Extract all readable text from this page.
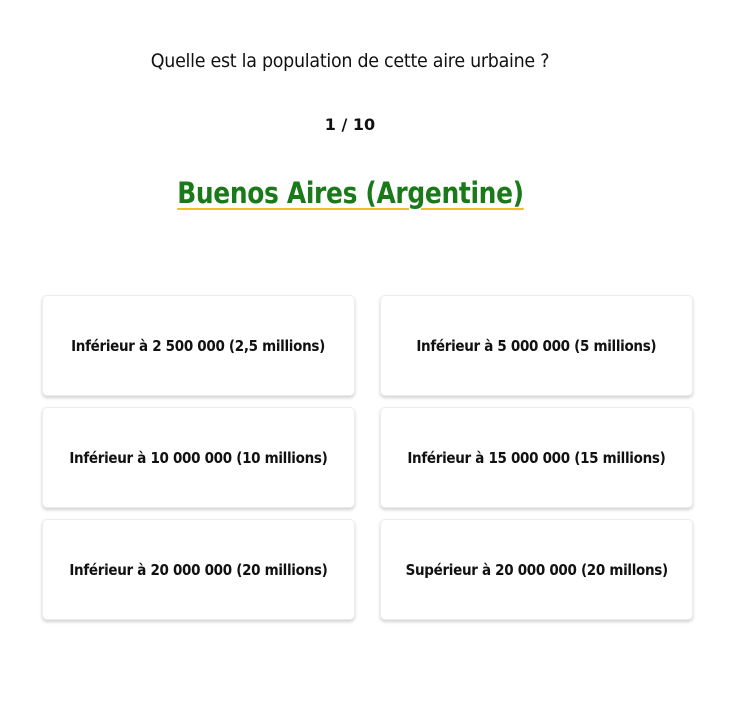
Quelle est la population de cette aire urbaine ?
1 / 10
Buenos Aires (Argentine)
Inférieur à 2 500 000 (2,5 millions)	Inférieur à 5 000 000 (5 millions)
Inférieur à 10 000 000 (10 millions)	Inférieur à 15 000 000 (15 millions)
Inférieur à 20 000 000 (20 millions)	Supérieur à 20 000 000 (20 millons)
